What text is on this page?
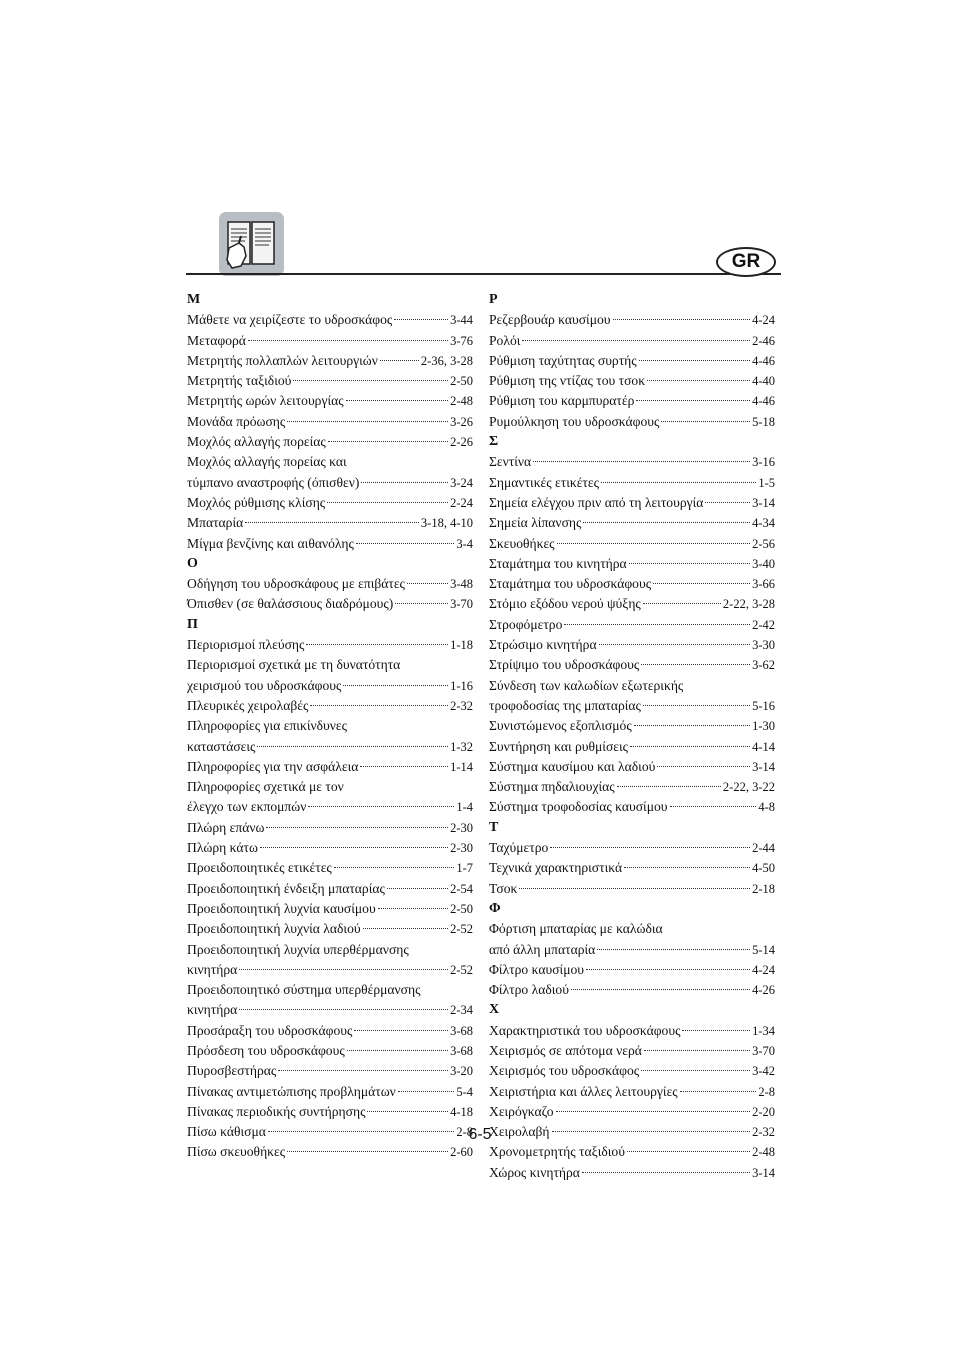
GR
M
Μάθετε να χειρίζεστε το υδροσκάφος	3-44
Μεταφορά	3-76
Μετρητής πολλαπλών λειτουργιών	2-36, 3-28
Μετρητής ταξιδιού	2-50
Μετρητής ωρών λειτουργίας	2-48
Μονάδα πρόωσης	3-26
Μοχλός αλλαγής πορείας	2-26
Μοχλός αλλαγής πορείας και
τύμπανο αναστροφής (όπισθεν)	3-24
Μοχλός ρύθμισης κλίσης	2-24
Μπαταρία	3-18, 4-10
Μίγμα βενζίνης και αιθανόλης	3-4
O
Οδήγηση του υδροσκάφους με επιβάτες	3-48
Όπισθεν (σε θαλάσσιους διαδρόμους)	3-70
Π
Περιορισμοί πλεύσης	1-18
Περιορισμοί σχετικά με τη δυνατότητα
χειρισμού του υδροσκάφους	1-16
Πλευρικές χειρολαβές	2-32
Πληροφορίες για επικίνδυνες
καταστάσεις	1-32
Πληροφορίες για την ασφάλεια	1-14
Πληροφορίες σχετικά με τον
έλεγχο των εκπομπών	1-4
Πλώρη επάνω	2-30
Πλώρη κάτω	2-30
Προειδοποιητικές ετικέτες	1-7
Προειδοποιητική ένδειξη μπαταρίας	2-54
Προειδοποιητική λυχνία καυσίμου	2-50
Προειδοποιητική λυχνία λαδιού	2-52
Προειδοποιητική λυχνία υπερθέρμανσης
κινητήρα	2-52
Προειδοποιητικό σύστημα υπερθέρμανσης
κινητήρα	2-34
Προσάραξη του υδροσκάφους	3-68
Πρόσδεση του υδροσκάφους	3-68
Πυροσβεστήρας	3-20
Πίνακας αντιμετώπισης προβλημάτων	5-4
Πίνακας περιοδικής συντήρησης	4-18
Πίσω κάθισμα	2-8
Πίσω σκευοθήκες	2-60
P
Ρεζερβουάρ καυσίμου	4-24
Ρολόι	2-46
Ρύθμιση ταχύτητας συρτής	4-46
Ρύθμιση της ντίζας του τσοκ	4-40
Ρύθμιση του καρμπυρατέρ	4-46
Ρυμούλκηση του υδροσκάφους	5-18
Σ
Σεντίνα	3-16
Σημαντικές ετικέτες	1-5
Σημεία ελέγχου πριν από τη λειτουργία	3-14
Σημεία λίπανσης	4-34
Σκευοθήκες	2-56
Σταμάτημα του κινητήρα	3-40
Σταμάτημα του υδροσκάφους	3-66
Στόμιο εξόδου νερού ψύξης	2-22, 3-28
Στροφόμετρο	2-42
Στρώσιμο κινητήρα	3-30
Στρίψιμο του υδροσκάφους	3-62
Σύνδεση των καλωδίων εξωτερικής
τροφοδοσίας της μπαταρίας	5-16
Συνιστώμενος εξοπλισμός	1-30
Συντήρηση και ρυθμίσεις	4-14
Σύστημα καυσίμου και λαδιού	3-14
Σύστημα πηδαλιουχίας	2-22, 3-22
Σύστημα τροφοδοσίας καυσίμου	4-8
T
Ταχύμετρο	2-44
Τεχνικά χαρακτηριστικά	4-50
Τσοκ	2-18
Φ
Φόρτιση μπαταρίας με καλώδια
από άλλη μπαταρία	5-14
Φίλτρο καυσίμου	4-24
Φίλτρο λαδιού	4-26
X
Χαρακτηριστικά του υδροσκάφους	1-34
Χειρισμός σε απότομα νερά	3-70
Χειρισμός του υδροσκάφος	3-42
Χειριστήρια και άλλες λειτουργίες	2-8
Χειρόγκαζο	2-20
Χειρολαβή	2-32
Χρονομετρητής ταξιδιού	2-48
Χώρος κινητήρα	3-14
6-5
